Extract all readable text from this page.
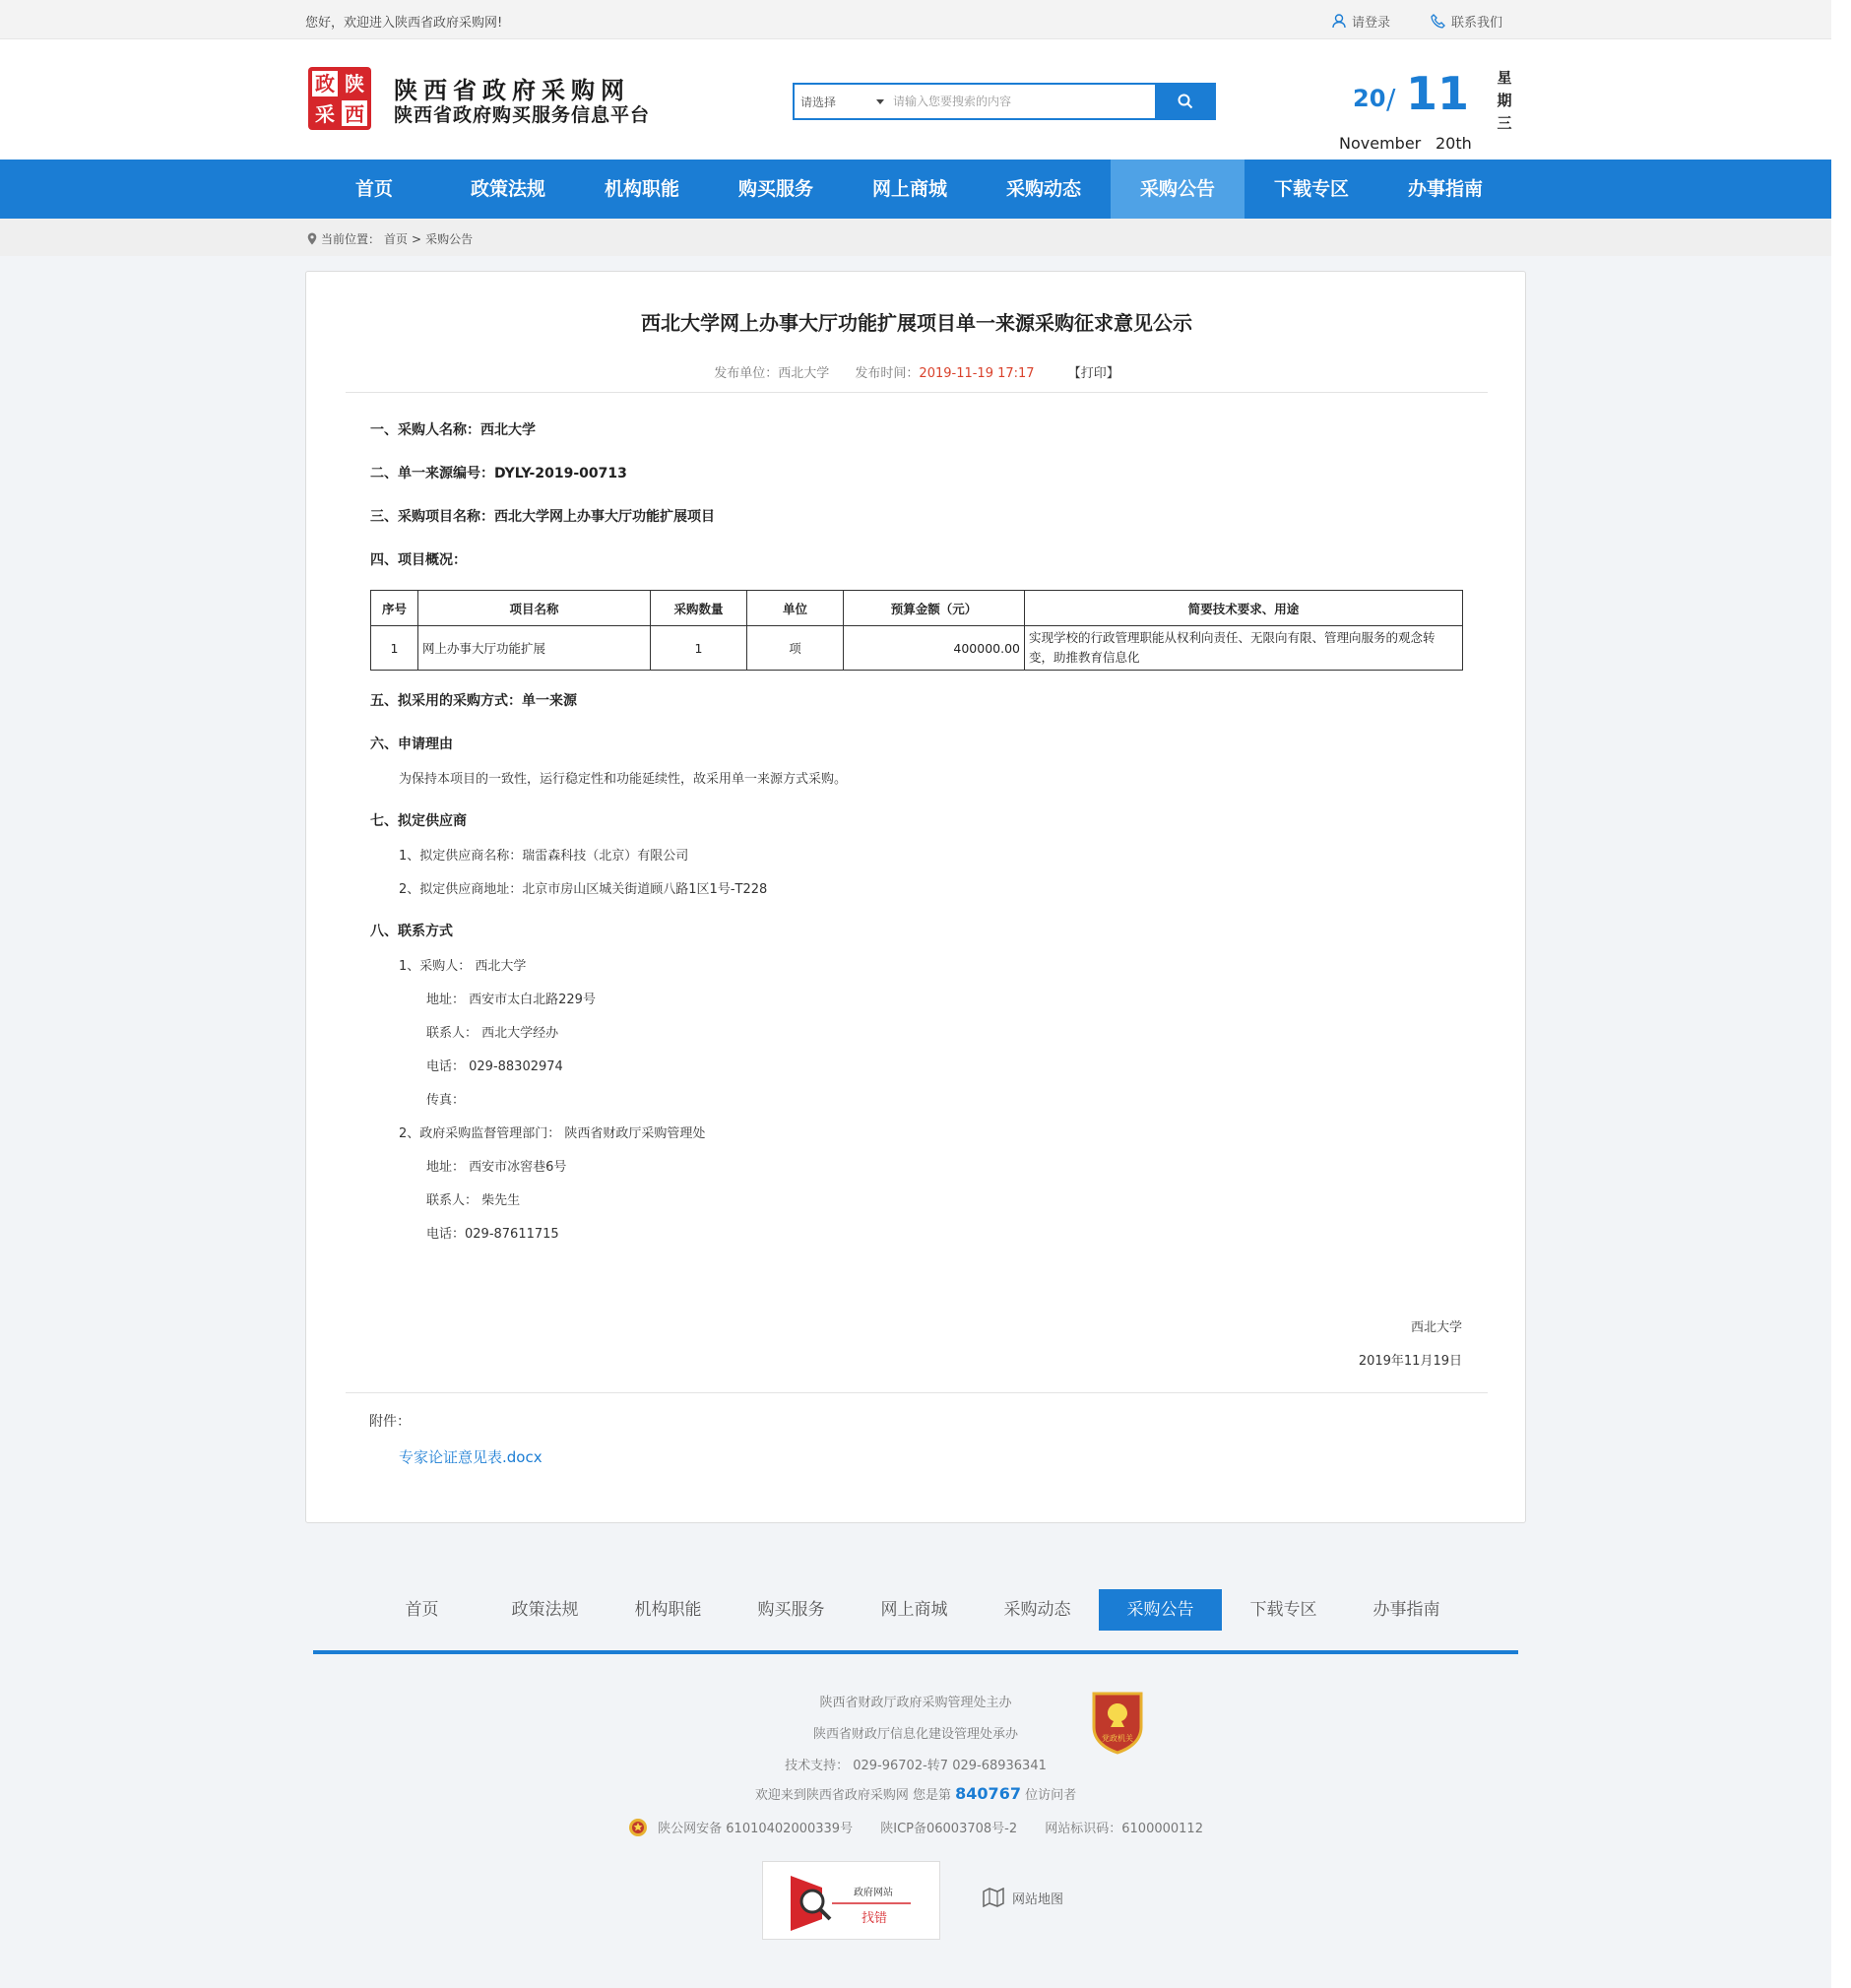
您好，欢迎进入陕西省政府采购网!	请登录	联系我们
政 陕
采 西
陕西省政府采购网
陕西省政府购买服务信息平台
请选择
请输入您要搜索的内容	20 / 11
November 20th
星
期
三
首页	政策法规	机构职能	购买服务	网上商城	采购动态	采购公告	下载专区	办事指南
当前位置： 首页 > 采购公告
西北大学网上办事大厅功能扩展项目单一来源采购征求意见公示
发布单位：西北大学 发布时间：2019-11-19 17:17	【打印】
一、采购人名称：西北大学
二、单一来源编号：DYLY-2019-00713
三、采购项目名称：西北大学网上办事大厅功能扩展项目
四、项目概况：
序号	项目名称	采购数量	单位	预算金额（元）	简要技术要求、用途
1	网上办事大厅功能扩展	1	项	400000.00	实现学校的行政管理职能从权利向责任、无限向有限、管理向服务的观念转变，助推教育信息化
五、拟采用的采购方式：单一来源
六、申请理由
为保持本项目的一致性，运行稳定性和功能延续性，故采用单一来源方式采购。
七、拟定供应商
1、拟定供应商名称：瑞雷森科技（北京）有限公司
2、拟定供应商地址：北京市房山区城关街道顾八路1区1号-T228
八、联系方式
1、采购人： 西北大学
地址： 西安市太白北路229号
联系人： 西北大学经办
电话： 029-88302974
传真：
2、政府采购监督管理部门： 陕西省财政厅采购管理处
地址： 西安市冰窖巷6号
联系人： 柴先生
电话：029-87611715
西北大学
2019年11月19日
附件：
专家论证意见表.docx
首页	政策法规	机构职能	购买服务	网上商城	采购动态	采购公告	下载专区	办事指南
陕西省财政厅政府采购管理处主办
陕西省财政厅信息化建设管理处承办
技术支持： 029-96702-转7 029-68936341
欢迎来到陕西省政府采购网 您是第 840767 位访问者
陕公网安备 61010402000339号 陕ICP备06003708号-2 网站标识码：6100000112
党政机关
政府网站
找错
网站地图
